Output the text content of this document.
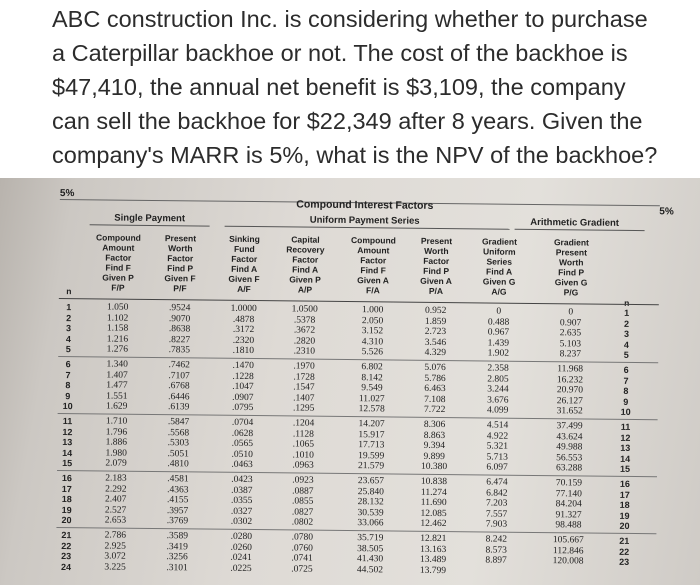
ABC construction Inc. is considering whether to purchase a Caterpillar backhoe or not. The cost of the backhoe is $47,410, the annual net benefit is $3,109, the company can sell the backhoe for $22,349 after 8 years. Given the company's MARR is 5%, what is the NPV of the backhoe?
5%
5%
Compound Interest Factors
Single Payment	Uniform Payment Series	Arithmetic Gradient
n
Compound
Amount
Factor
Find F
Given P
F/P
Present
Worth
Factor
Find P
Given F
P/F
Sinking
Fund
Factor
Find A
Given F
A/F
Capital
Recovery
Factor
Find A
Given P
A/P
Compound
Amount
Factor
Find F
Given A
F/A
Present
Worth
Factor
Find P
Given A
P/A
Gradient
Uniform
Series
Find A
Given G
A/G
Gradient
Present
Worth
Find P
Given G
P/G
n
1
2
3
4
5
1.050
1.102
1.158
1.216
1.276
.9524
.9070
.8638
.8227
.7835
1.0000
.4878
.3172
.2320
.1810
1.0500
.5378
.3672
.2820
.2310
1.000
2.050
3.152
4.310
5.526
0.952
1.859
2.723
3.546
4.329
0
0.488
0.967
1.439
1.902
0
0.907
2.635
5.103
8.237
1
2
3
4
5
6
7
8
9
10
1.340
1.407
1.477
1.551
1.629
.7462
.7107
.6768
.6446
.6139
.1470
.1228
.1047
.0907
.0795
.1970
.1728
.1547
.1407
.1295
6.802
8.142
9.549
11.027
12.578
5.076
5.786
6.463
7.108
7.722
2.358
2.805
3.244
3.676
4.099
11.968
16.232
20.970
26.127
31.652
6
7
8
9
10
11
12
13
14
15
1.710
1.796
1.886
1.980
2.079
.5847
.5568
.5303
.5051
.4810
.0704
.0628
.0565
.0510
.0463
.1204
.1128
.1065
.1010
.0963
14.207
15.917
17.713
19.599
21.579
8.306
8.863
9.394
9.899
10.380
4.514
4.922
5.321
5.713
6.097
37.499
43.624
49.988
56.553
63.288
11
12
13
14
15
16
17
18
19
20
2.183
2.292
2.407
2.527
2.653
.4581
.4363
.4155
.3957
.3769
.0423
.0387
.0355
.0327
.0302
.0923
.0887
.0855
.0827
.0802
23.657
25.840
28.132
30.539
33.066
10.838
11.274
11.690
12.085
12.462
6.474
6.842
7.203
7.557
7.903
70.159
77.140
84.204
91.327
98.488
16
17
18
19
20
21
22
23
24
2.786
2.925
3.072
3.225
.3589
.3419
.3256
.3101
.0280
.0260
.0241
.0225
.0780
.0760
.0741
.0725
35.719
38.505
41.430
44.502
12.821
13.163
13.489
13.799
8.242
8.573
8.897
105.667
112.846
120.008
21
22
23
